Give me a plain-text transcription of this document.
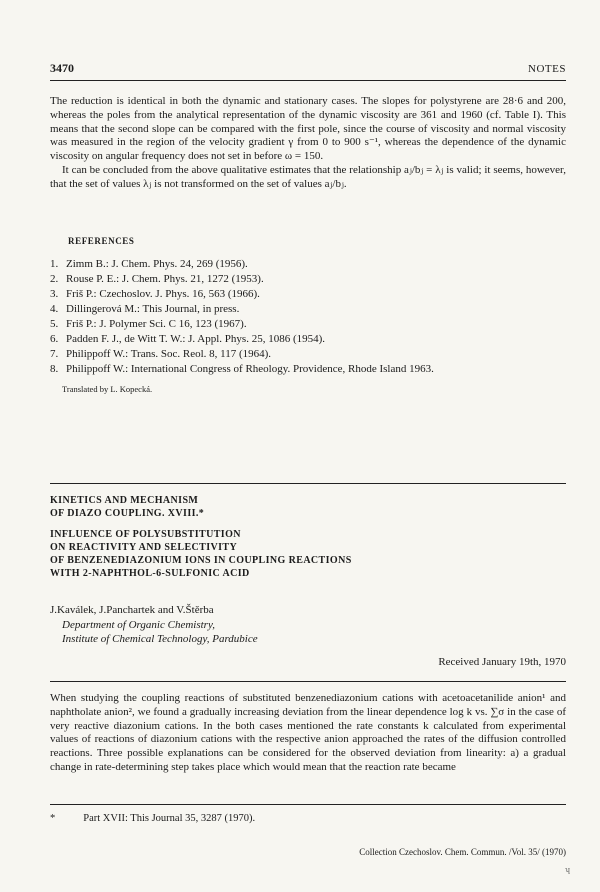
3470	NOTES

The reduction is identical in both the dynamic and stationary cases. The slopes for polystyrene are 28·6 and 200, whereas the poles from the analytical representation of the dynamic viscosity are 361 and 1960 (cf. Table I). This means that the second slope can be compared with the first pole, since the course of viscosity and normal viscosity was measured in the region of the velocity gradient γ from 0 to 900 s⁻¹, whereas the dependence of the dynamic viscosity on angular frequency does not set in before ω = 150.

It can be concluded from the above qualitative estimates that the relationship aⱼ/bⱼ = λⱼ is valid; it seems, however, that the set of values λⱼ is not transformed on the set of values aⱼ/bⱼ.

REFERENCES
1. Zimm B.: J. Chem. Phys. 24, 269 (1956).
2. Rouse P. E.: J. Chem. Phys. 21, 1272 (1953).
3. Friš P.: Czechoslov. J. Phys. 16, 563 (1966).
4. Dillingerová M.: This Journal, in press.
5. Friš P.: J. Polymer Sci. C 16, 123 (1967).
6. Padden F. J., de Witt T. W.: J. Appl. Phys. 25, 1086 (1954).
7. Philippoff W.: Trans. Soc. Reol. 8, 117 (1964).
8. Philippoff W.: International Congress of Rheology. Providence, Rhode Island 1963.
Translated by L. Kopecká.
KINETICS AND MECHANISM
OF DIAZO COUPLING. XVIII.*
INFLUENCE OF POLYSUBSTITUTION
ON REACTIVITY AND SELECTIVITY
OF BENZENEDIAZONIUM IONS IN COUPLING REACTIONS
WITH 2-NAPHTHOL-6-SULFONIC ACID
J.Kaválek, J.Panchartek and V.Štěrba
Department of Organic Chemistry,
Institute of Chemical Technology, Pardubice
Received January 19th, 1970

When studying the coupling reactions of substituted benzenediazonium cations with acetoacetanilide anion¹ and naphtholate anion², we found a gradually increasing deviation from the linear dependence log k vs. ∑σ in the case of very reactive diazonium cations. In the both cases mentioned the rate constants k calculated from experimental values of reactions of diazonium cations with the respective anion approached the rates of the diffusion controlled reactions. Three possible explanations can be considered for the observed deviation from linearity: a) a gradual change in rate-determining step takes place which would mean that the reaction rate became

*	Part XVII: This Journal 35, 3287 (1970).
Collection Czechoslov. Chem. Commun. /Vol. 35/ (1970)
ʮ
